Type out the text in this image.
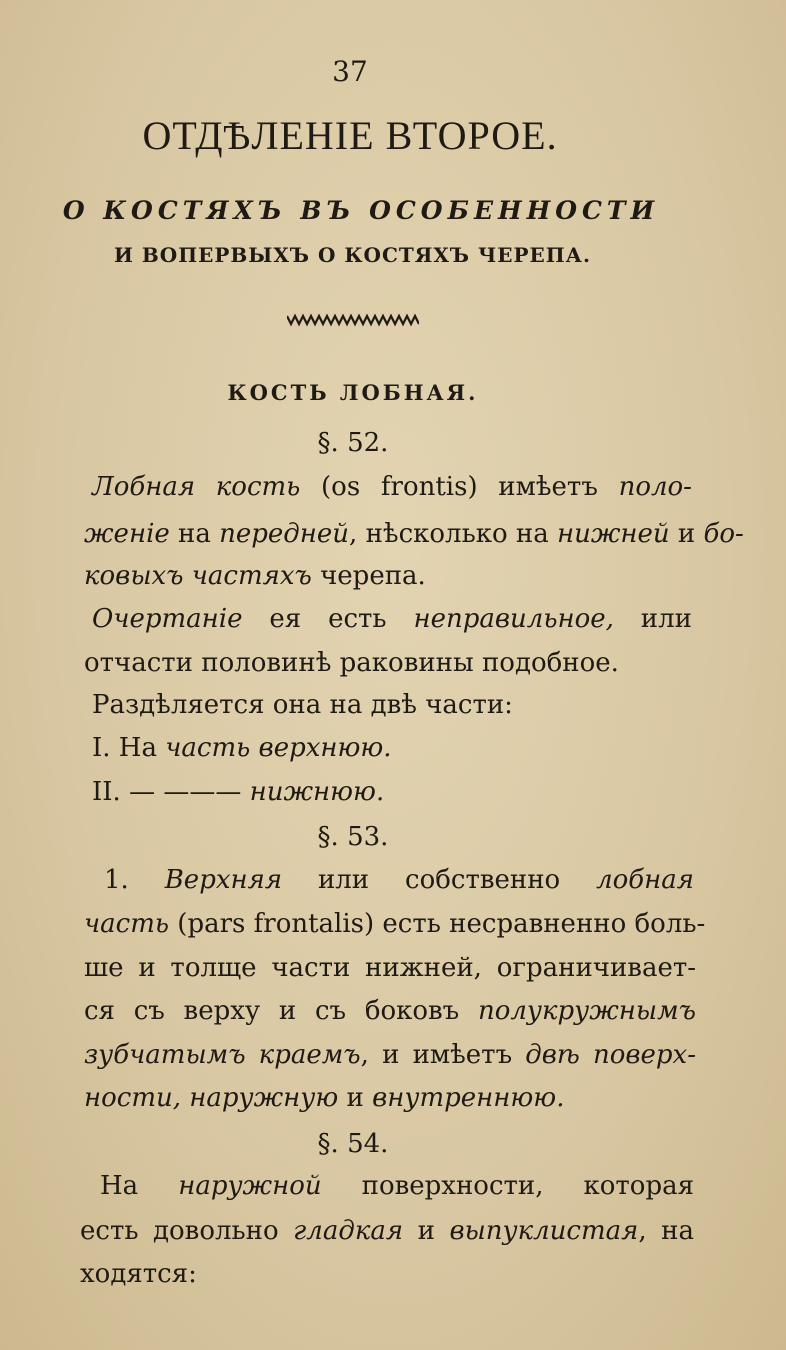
37
ОТДѢЛЕНІЕ ВТОРОЕ.
О КОСТЯХЪ ВЪ ОСОБЕННОСТИ
И ВОПЕРВЫХЪ О КОСТЯХЪ ЧЕРЕПА.
КОСТЬ ЛОБНАЯ.
§. 52.
Лобная кость (os frontis) имѣетъ поло-
женіе на передней, нѣсколько на нижней и бо-
ковыхъ частяхъ черепа.
Очертаніе ея есть неправильное, или
отчасти половинѣ раковины подобное.
Раздѣляется она на двѣ части:
I. На часть верхнюю.
II. — ——— нижнюю.
§. 53.
1. Верхняя или собственно лобная
часть (pars frontalis) есть несравненно боль-
ше и толще части нижней, ограничивает-
ся съ верху и съ боковъ полукружнымъ
зубчатымъ краемъ, и имѣетъ двѣ поверх-
ности, наружную и внутреннюю.
§. 54.
На наружной поверхности, которая
есть довольно гладкая и выпуклистая, на
ходятся:
